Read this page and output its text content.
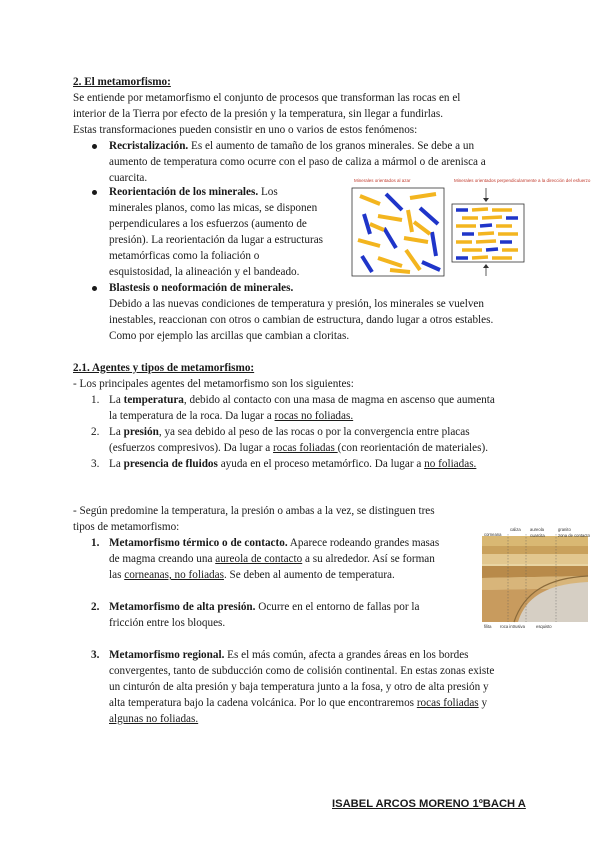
2. El metamorfismo:
Se entiende por metamorfismo el conjunto de procesos que transforman las rocas en el
interior de la Tierra por efecto de la presión y la temperatura, sin llegar a fundirlas.
Estas transformaciones pueden consistir en uno o varios de estos fenómenos:
Recristalización. Es el aumento de tamaño de los granos minerales. Se debe a un
aumento de temperatura como ocurre con el paso de caliza a mármol o de arenisca a
cuarcita.
Reorientación de los minerales. Los
minerales planos, como las micas, se disponen
perpendiculares a los esfuerzos (aumento de
presión). La reorientación da lugar a estructuras
metamórficas como la foliación o
esquistosidad, la alineación y el bandeado.
Blastesis o neoformación de minerales.
Debido a las nuevas condiciones de temperatura y presión, los minerales se vuelven
inestables, reaccionan con otros o cambian de estructura, dando lugar a otros estables.
Como por ejemplo las arcillas que cambian a cloritas.
Minerales orientados al azar	Minerales orientados perpendicularmente a la dirección del esfuerzo
2.1. Agentes y tipos de metamorfismo:
- Los principales agentes del metamorfismo son los siguientes:
1. La temperatura, debido al contacto con una masa de magma en ascenso que aumenta
la temperatura de la roca. Da lugar a rocas no foliadas.
2. La presión, ya sea debido al peso de las rocas o por la convergencia entre placas
(esfuerzos compresivos). Da lugar a rocas foliadas (con reorientación de materiales).
3. La presencia de fluidos ayuda en el proceso metamórfico. Da lugar a no foliadas.
- Según predomine la temperatura, la presión o ambas a la vez, se distinguen tres
tipos de metamorfismo:
1. Metamorfismo térmico o de contacto. Aparece rodeando grandes masas
de magma creando una aureola de contacto a su alrededor. Así se forman
las corneanas, no foliadas. Se deben al aumento de temperatura.
2. Metamorfismo de alta presión. Ocurre en el entorno de fallas por la
fricción entre los bloques.
3. Metamorfismo regional. Es el más común, afecta a grandes áreas en los bordes
convergentes, tanto de subducción como de colisión continental. En estas zonas existe
un cinturón de alta presión y baja temperatura junto a la fosa, y otro de alta presión y
alta temperatura bajo la cadena volcánica. Por lo que encontraremos rocas foliadas y
algunas no foliadas.
caliza aureola
corneana
granito
cuarcita
filita roca intrusiva	esquisto
zona de contacto
ISABEL ARCOS MORENO 1ºBACH A
